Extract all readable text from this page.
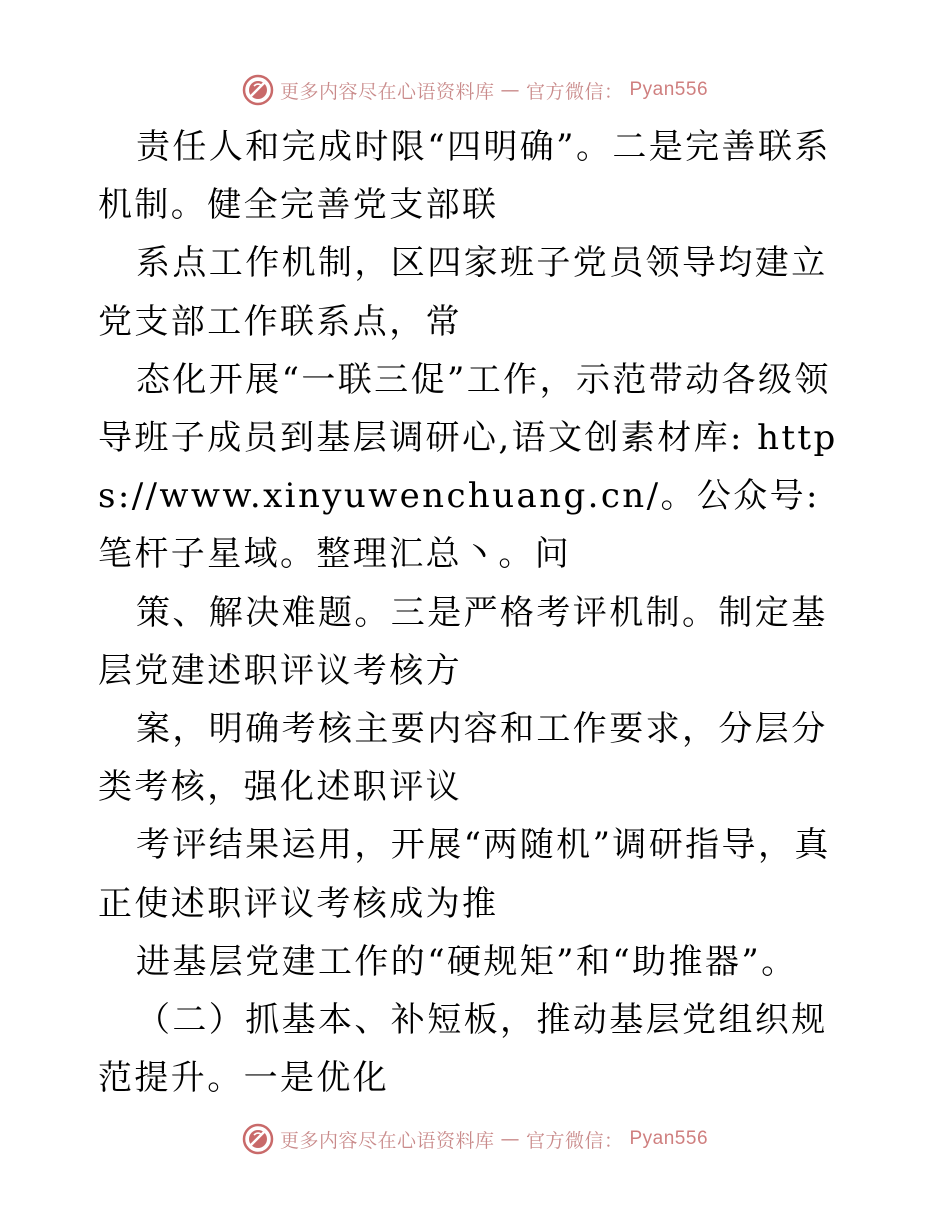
更多内容尽在心语资料库 — 官方微信： Pyan556

责任人和完成时限“四明确”。二是完善联系机制。健全完善党支部联

系点工作机制，区四家班子党员领导均建立党支部工作联系点，常

态化开展“一联三促”工作，示范带动各级领导班子成员到基层调研心,语文创素材库: https://www.xinyuwenchuang.cn/。公众号: 笔杆子星域。整理汇总丶。问

策、解决难题。三是严格考评机制。制定基层党建述职评议考核方

案，明确考核主要内容和工作要求，分层分类考核，强化述职评议

考评结果运用，开展“两随机”调研指导，真正使述职评议考核成为推

进基层党建工作的“硬规矩”和“助推器”。

（二）抓基本、补短板，推动基层党组织规范提升。一是优化

更多内容尽在心语资料库 — 官方微信： Pyan556
